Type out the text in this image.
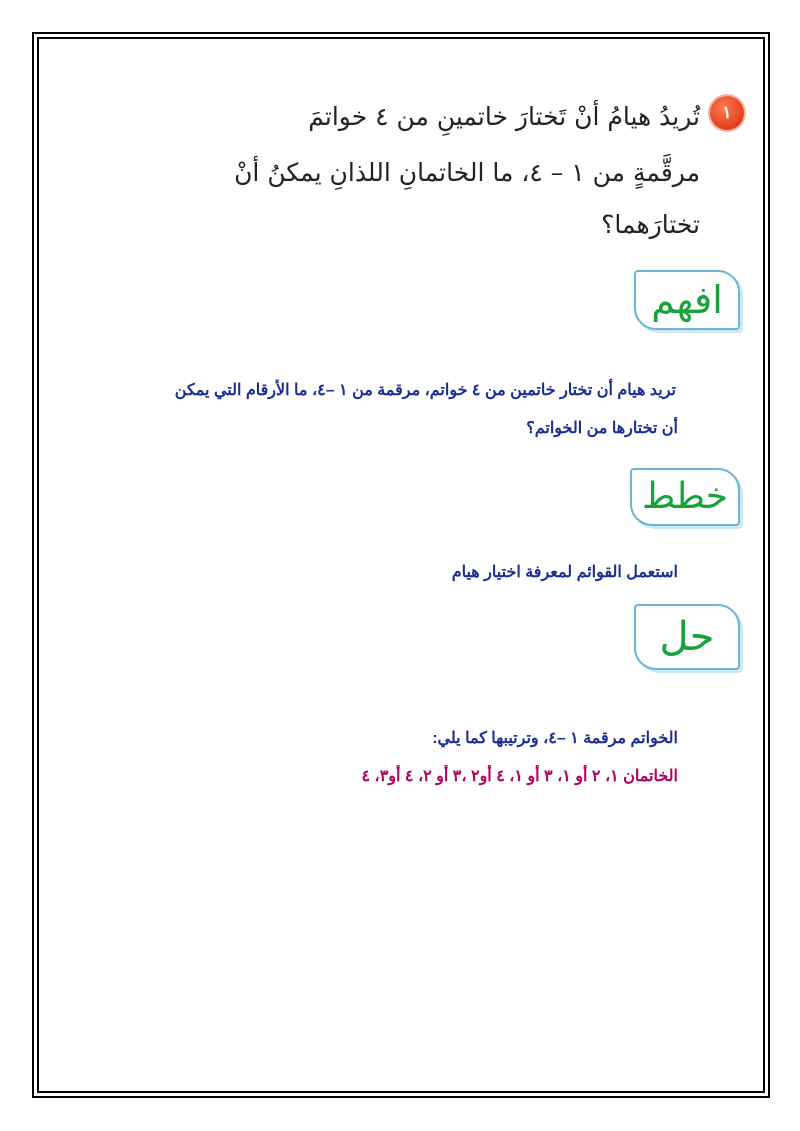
١
تُريدُ هيامُ أنْ تَختارَ خاتمينِ من ٤ خواتمَ
مرقَّمةٍ من ١ – ٤، ما الخاتمانِ اللذانِ يمكنُ أنْ
تختارَهما؟
افهم
تريد هيام أن تختار خاتمين من ٤ خواتم، مرقمة من ١ –٤، ما الأرقام التي يمكن
أن تختارها من الخواتم؟
خطط
استعمل القوائم لمعرفة اختيار هيام
حل
الخواتم مرقمة ١ –٤، وترتيبها كما يلي:
الخاتمان ١، ٢ أو ١، ٣ أو ١، ٤ أو٢ ،٣ أو ٢، ٤ أو٣، ٤
